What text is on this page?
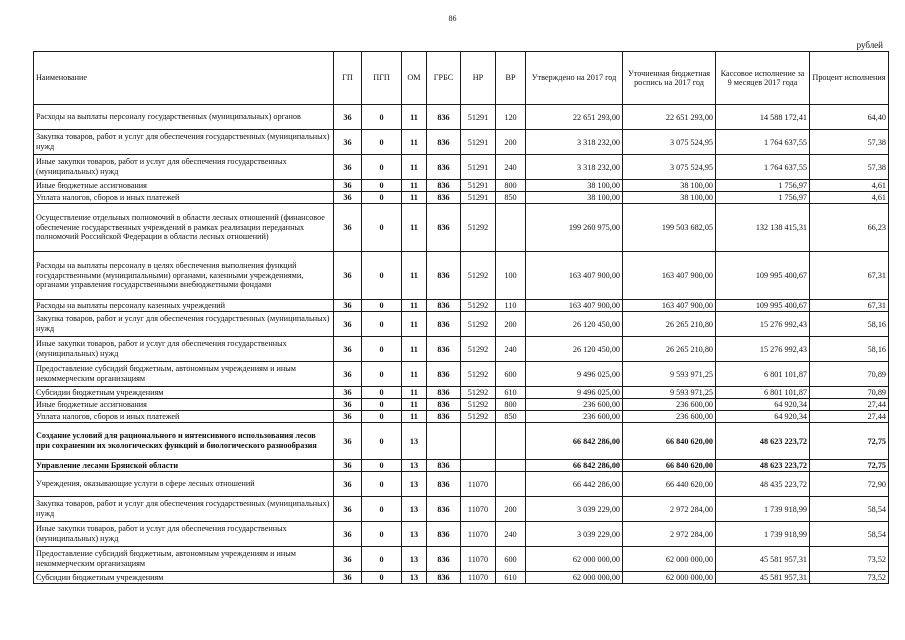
86
рублей
Наименование	ГП	ПГП	ОМ	ГРБС	НР	ВР	Утверждено на 2017 год	Уточненная бюджетная роспись на 2017 год	Кассовое исполнение за 9 месяцев 2017 года	Процент исполнения
Расходы на выплаты персоналу государственных (муниципальных) органов	36	0	11	836	51291	120	22 651 293,00	22 651 293,00	14 588 172,41	64,40
Закупка товаров, работ и услуг для обеспечения государственных (муниципальных) нужд	36	0	11	836	51291	200	3 318 232,00	3 075 524,95	1 764 637,55	57,38
Иные закупки товаров, работ и услуг для обеспечения государственных (муниципальных) нужд	36	0	11	836	51291	240	3 318 232,00	3 075 524,95	1 764 637,55	57,38
Иные бюджетные ассигнования	36	0	11	836	51291	800	38 100,00	38 100,00	1 756,97	4,61
Уплата налогов, сборов и иных платежей	36	0	11	836	51291	850	38 100,00	38 100,00	1 756,97	4,61
Осуществление отдельных полномочий в области лесных отношений (финансовое обеспечение государственных учреждений в рамках реализации переданных полномочий Российской Федерации в области лесных отношений)	36	0	11	836	51292		199 260 975,00	199 503 682,05	132 138 415,31	66,23
Расходы на выплаты персоналу в целях обеспечения выполнения функций государственными (муниципальными) органами, казенными учреждениями, органами управления государственными внебюджетными фондами	36	0	11	836	51292	100	163 407 900,00	163 407 900,00	109 995 400,67	67,31
Расходы на выплаты персоналу казенных учреждений	36	0	11	836	51292	110	163 407 900,00	163 407 900,00	109 995 400,67	67,31
Закупка товаров, работ и услуг для обеспечения государственных (муниципальных) нужд	36	0	11	836	51292	200	26 120 450,00	26 265 210,80	15 276 992,43	58,16
Иные закупки товаров, работ и услуг для обеспечения государственных (муниципальных) нужд	36	0	11	836	51292	240	26 120 450,00	26 265 210,80	15 276 992,43	58,16
Предоставление субсидий бюджетным, автономным учреждениям и иным некоммерческим организациям	36	0	11	836	51292	600	9 496 025,00	9 593 971,25	6 801 101,87	70,89
Субсидии бюджетным учреждениям	36	0	11	836	51292	610	9 496 025,00	9 593 971,25	6 801 101,87	70,89
Иные бюджетные ассигнования	36	0	11	836	51292	800	236 600,00	236 600,00	64 920,34	27,44
Уплата налогов, сборов и иных платежей	36	0	11	836	51292	850	236 600,00	236 600,00	64 920,34	27,44
Создание условий для рационального и интенсивного использования лесов при сохранении их экологических функций и биологического разнообразия	36	0	13				66 842 286,00	66 840 620,00	48 623 223,72	72,75
Управление лесами Брянской области	36	0	13	836			66 842 286,00	66 840 620,00	48 623 223,72	72,75
Учреждения, оказывающие услуги в сфере лесных отношений	36	0	13	836	11070		66 442 286,00	66 440 620,00	48 435 223,72	72,90
Закупка товаров, работ и услуг для обеспечения государственных (муниципальных) нужд	36	0	13	836	11070	200	3 039 229,00	2 972 284,00	1 739 918,99	58,54
Иные закупки товаров, работ и услуг для обеспечения государственных (муниципальных) нужд	36	0	13	836	11070	240	3 039 229,00	2 972 284,00	1 739 918,99	58,54
Предоставление субсидий бюджетным, автономным учреждениям и иным некоммерческим организациям	36	0	13	836	11070	600	62 000 000,00	62 000 000,00	45 581 957,31	73,52
Субсидии бюджетным учреждениям	36	0	13	836	11070	610	62 000 000,00	62 000 000,00	45 581 957,31	73,52
